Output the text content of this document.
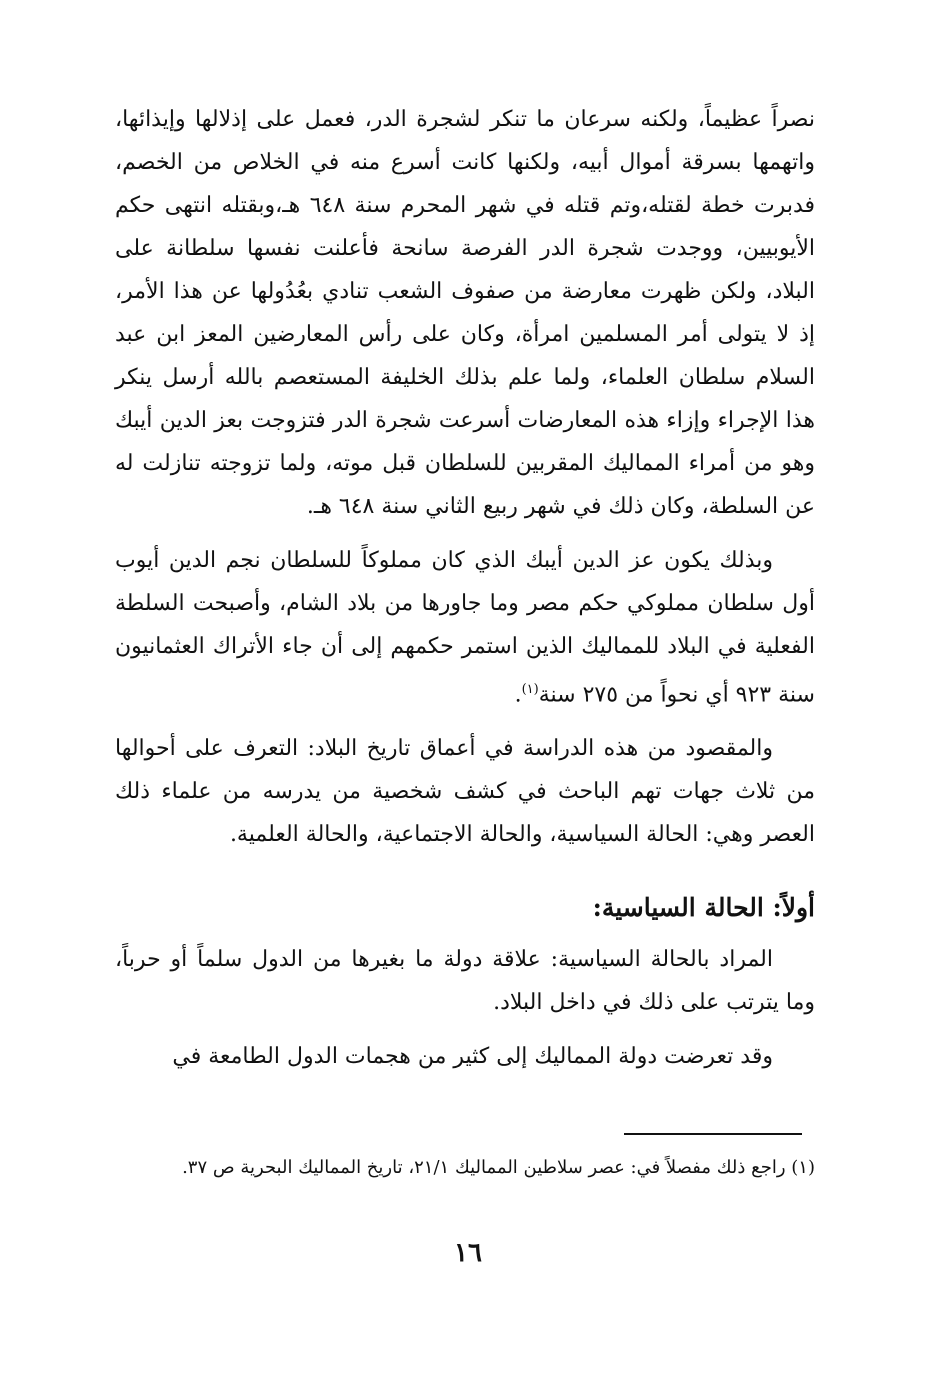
نصراً عظيماً، ولكنه سرعان ما تنكر لشجرة الدر، فعمل على إذلالها وإيذائها، واتهمها بسرقة أموال أبيه، ولكنها كانت أسرع منه في الخلاص من الخصم، فدبرت خطة لقتله،وتم قتله في شهر المحرم سنة ٦٤٨ هـ،وبقتله انتهى حكم الأيوبيين، ووجدت شجرة الدر الفرصة سانحة فأعلنت نفسها سلطانة على البلاد، ولكن ظهرت معارضة من صفوف الشعب تنادي بعُدُولها عن هذا الأمر، إذ لا يتولى أمر المسلمين امرأة، وكان على رأس المعارضين المعز ابن عبد السلام سلطان العلماء، ولما علم بذلك الخليفة المستعصم بالله أرسل ينكر هذا الإجراء وإزاء هذه المعارضات أسرعت شجرة الدر فتزوجت بعز الدين أيبك وهو من أمراء المماليك المقربين للسلطان قبل موته، ولما تزوجته تنازلت له عن السلطة، وكان ذلك في شهر ربيع الثاني سنة ٦٤٨ هـ.

وبذلك يكون عز الدين أيبك الذي كان مملوكاً للسلطان نجم الدين أيوب أول سلطان مملوكي حكم مصر وما جاورها من بلاد الشام، وأصبحت السلطة الفعلية في البلاد للمماليك الذين استمر حكمهم إلى أن جاء الأتراك العثمانيون سنة ٩٢٣ أي نحواً من ٢٧٥ سنة$^{(١)}$.

والمقصود من هذه الدراسة في أعماق تاريخ البلاد: التعرف على أحوالها من ثلاث جهات تهم الباحث في كشف شخصية من يدرسه من علماء ذلك العصر وهي: الحالة السياسية، والحالة الاجتماعية، والحالة العلمية.

أولاً: الحالة السياسية:

المراد بالحالة السياسية: علاقة دولة ما بغيرها من الدول سلماً أو حرباً، وما يترتب على ذلك في داخل البلاد.

وقد تعرضت دولة المماليك إلى كثير من هجمات الدول الطامعة في

(١) راجع ذلك مفصلاً في: عصر سلاطين المماليك ٢١/١، تاريخ المماليك البحرية ص ٣٧.
١٦
